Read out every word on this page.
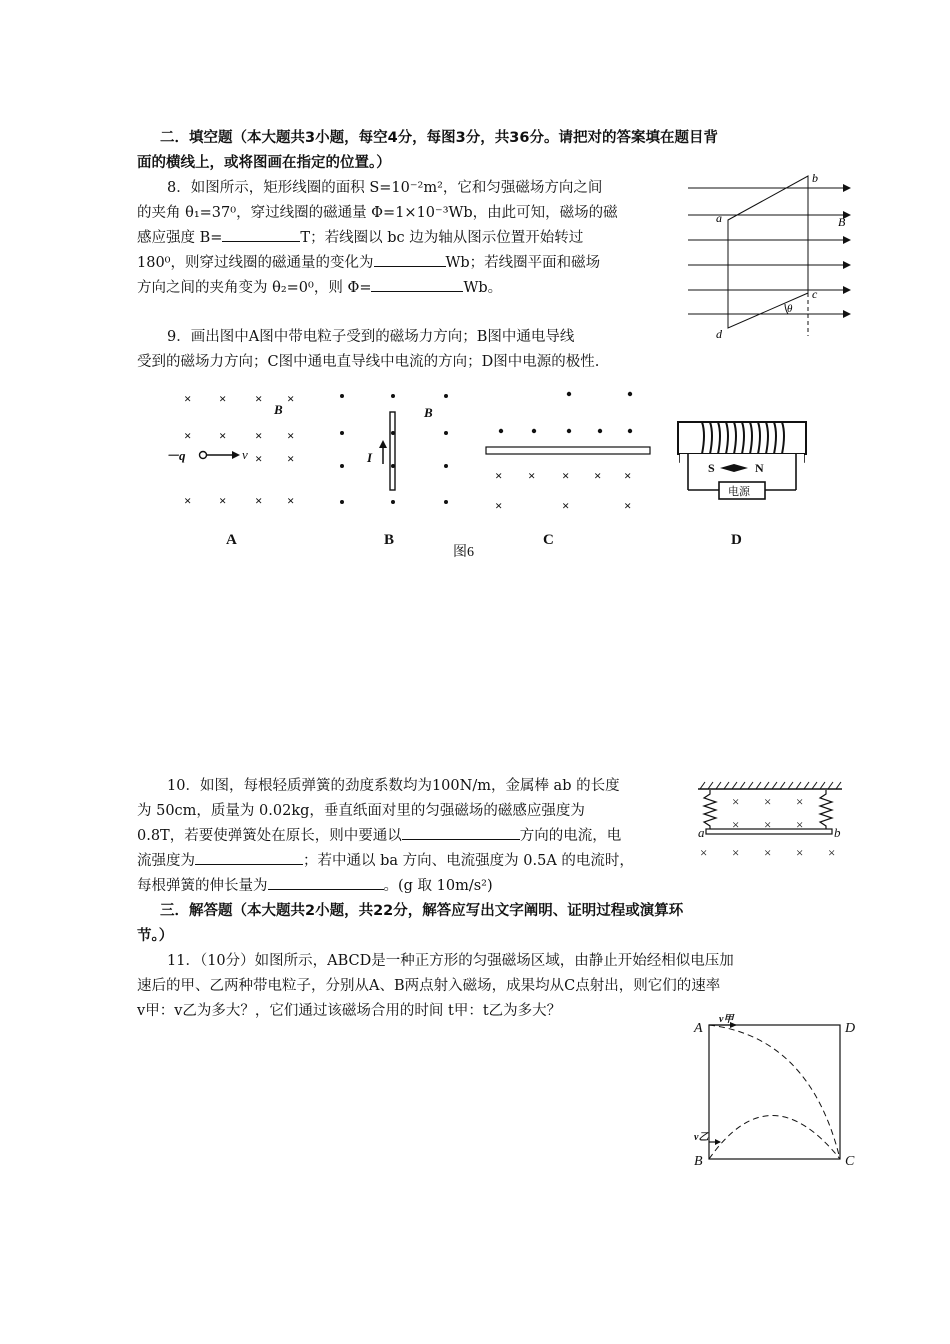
二．填空题（本大题共3小题，每空4分，每图3分，共36分。请把对的答案填在题目背
面的横线上，或将图画在指定的位置。）
8．如图所示，矩形线圈的面积 S=10⁻²m²，它和匀强磁场方向之间
的夹角 θ₁=37⁰，穿过线圈的磁通量 Φ=1×10⁻³Wb，由此可知，磁场的磁
感应强度 B=	T；若线圈以 bc 边为轴从图示位置开始转过
180⁰，则穿过线圈的磁通量的变化为	Wb；若线圈平面和磁场
方向之间的夹角变为 θ₂=0⁰，则 Φ=	Wb。
b
a	B
c
d
θ
9．画出图中A图中带电粒子受到的磁场力方向；B图中通电导线
受到的磁场力方向；C图中通电直导线中电流的方向；D图中电源的极性.
× × × ×
× × × ×
× ×
× × × ×
B
－q	v
A
I
B
B
图6
× × × × ×
×	×	×
C
电源
S	N
D
10．如图，每根轻质弹簧的劲度系数均为100N/m，金属棒 ab 的长度
为 50cm，质量为 0.02kg，垂直纸面对里的匀强磁场的磁感应强度为
0.8T，若要使弹簧处在原长，则中要通以	方向的电流，电
流强度为	；若中通以 ba 方向、电流强度为 0.5A 的电流时，
每根弹簧的伸长量为	。(g 取 10m/s²)
a	b
× × ×
× × ×
× × × × ×
三．解答题（本大题共2小题，共22分，解答应写出文字阐明、证明过程或演算环
节。）
11．（10分）如图所示，ABCD是一种正方形的匀强磁场区域，由静止开始经相似电压加
速后的甲、乙两种带电粒子，分别从A、B两点射入磁场，成果均从C点射出，则它们的速率
v甲：v乙为多大？，它们通过该磁场合用的时间 t甲：t乙为多大？
A	D
B	C
v甲
v乙
